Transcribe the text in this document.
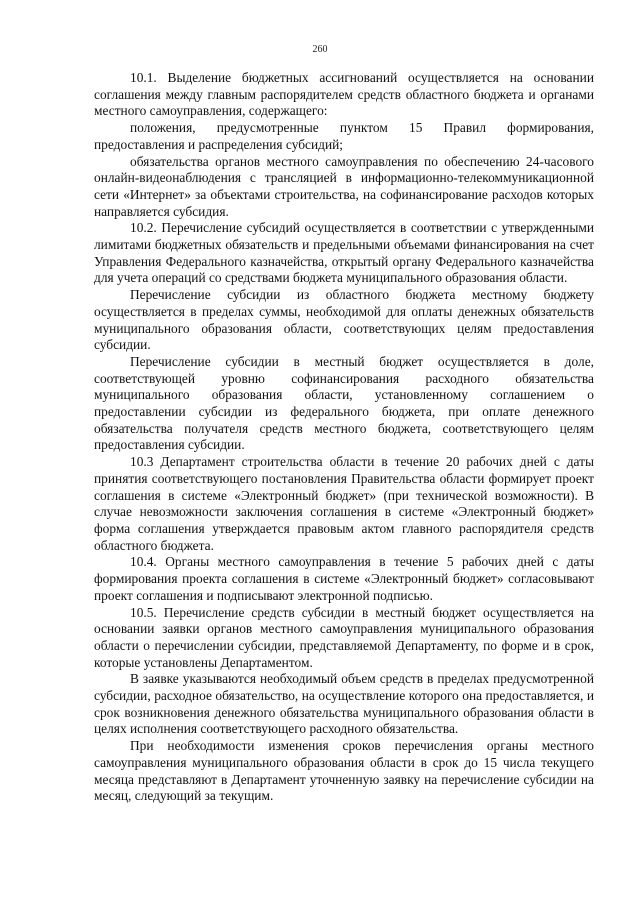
260

10.1. Выделение бюджетных ассигнований осуществляется на основании соглашения между главным распорядителем средств областного бюджета и органами местного самоуправления, содержащего:

положения, предусмотренные пунктом 15 Правил формирования, предоставления и распределения субсидий;

обязательства органов местного самоуправления по обеспечению 24-часового онлайн-видеонаблюдения с трансляцией в информационно-телекоммуникационной сети «Интернет» за объектами строительства, на софинансирование расходов которых направляется субсидия.

10.2. Перечисление субсидий осуществляется в соответствии с утвержденными лимитами бюджетных обязательств и предельными объемами финансирования на счет Управления Федерального казначейства, открытый органу Федерального казначейства для учета операций со средствами бюджета муниципального образования области.

Перечисление субсидии из областного бюджета местному бюджету осуществляется в пределах суммы, необходимой для оплаты денежных обязательств муниципального образования области, соответствующих целям предоставления субсидии.

Перечисление субсидии в местный бюджет осуществляется в доле, соответствующей уровню софинансирования расходного обязательства муниципального образования области, установленному соглашением о предоставлении субсидии из федерального бюджета, при оплате денежного обязательства получателя средств местного бюджета, соответствующего целям предоставления субсидии.

10.3 Департамент строительства области в течение 20 рабочих дней с даты принятия соответствующего постановления Правительства области формирует проект соглашения в системе «Электронный бюджет» (при технической возможности). В случае невозможности заключения соглашения в системе «Электронный бюджет» форма соглашения утверждается правовым актом главного распорядителя средств областного бюджета.

10.4. Органы местного самоуправления в течение 5 рабочих дней с даты формирования проекта соглашения в системе «Электронный бюджет» согласовывают проект соглашения и подписывают электронной подписью.

10.5. Перечисление средств субсидии в местный бюджет осуществляется на основании заявки органов местного самоуправления муниципального образования области о перечислении субсидии, представляемой Департаменту, по форме и в срок, которые установлены Департаментом.

В заявке указываются необходимый объем средств в пределах предусмотренной субсидии, расходное обязательство, на осуществление которого она предоставляется, и срок возникновения денежного обязательства муниципального образования области в целях исполнения соответствующего расходного обязательства.

При необходимости изменения сроков перечисления органы местного самоуправления муниципального образования области в срок до 15 числа текущего месяца представляют в Департамент уточненную заявку на перечисление субсидии на месяц, следующий за текущим.
